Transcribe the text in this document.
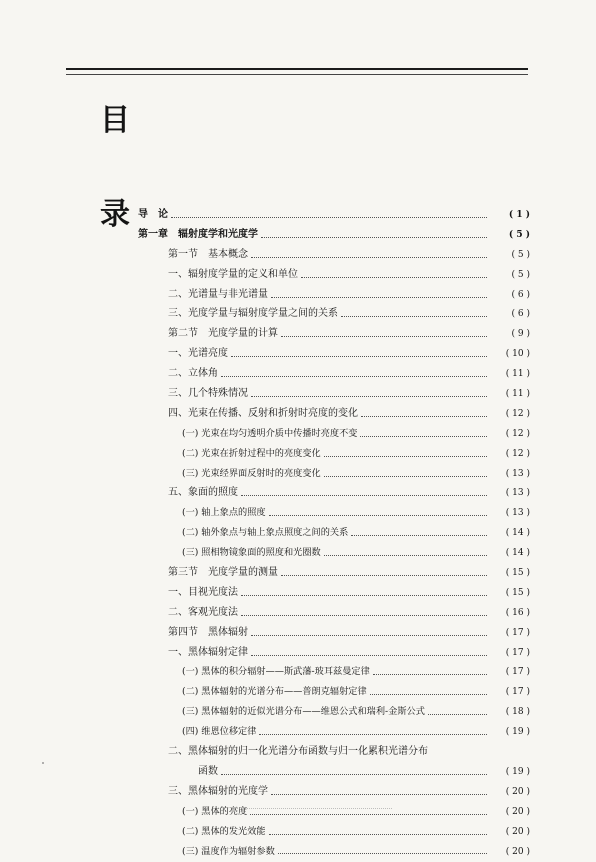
目
录 导　论	( 1 )
第一章　辐射度学和光度学	( 5 )
第一节　基本概念	( 5 )
一、辐射度学量的定义和单位	( 5 )
二、光谱量与非光谱量	( 6 )
三、光度学量与辐射度学量之间的关系	( 6 )
第二节　光度学量的计算	( 9 )
一、光谱亮度	( 10 )
二、立体角	( 11 )
三、几个特殊情况	( 11 )
四、光束在传播、反射和折射时亮度的变化	( 12 )
(一) 光束在均匀透明介质中传播时亮度不变	( 12 )
(二) 光束在折射过程中的亮度变化	( 12 )
(三) 光束经界面反射时的亮度变化	( 13 )
五、象面的照度	( 13 )
(一) 轴上象点的照度	( 13 )
(二) 轴外象点与轴上象点照度之间的关系	( 14 )
(三) 照相物镜象面的照度和光圈数	( 14 )
第三节　光度学量的测量	( 15 )
一、目视光度法	( 15 )
二、客观光度法	( 16 )
第四节　黑体辐射	( 17 )
一、黑体辐射定律	( 17 )
(一) 黑体的积分辐射——斯武藩-玻耳兹曼定律	( 17 )
(二) 黑体辐射的光谱分布——普朗克辐射定律	( 17 )
(三) 黑体辐射的近似光谱分布——维恩公式和瑞利-金斯公式	( 18 )
(四) 维恩位移定律	( 19 )
二、黑体辐射的归一化光谱分布函数与归一化累积光谱分布
函数	( 19 )
三、黑体辐射的光度学	( 20 )
(一) 黑体的亮度	( 20 )
(二) 黑体的发光效能	( 20 )
(三) 温度作为辐射参数	( 20 )
